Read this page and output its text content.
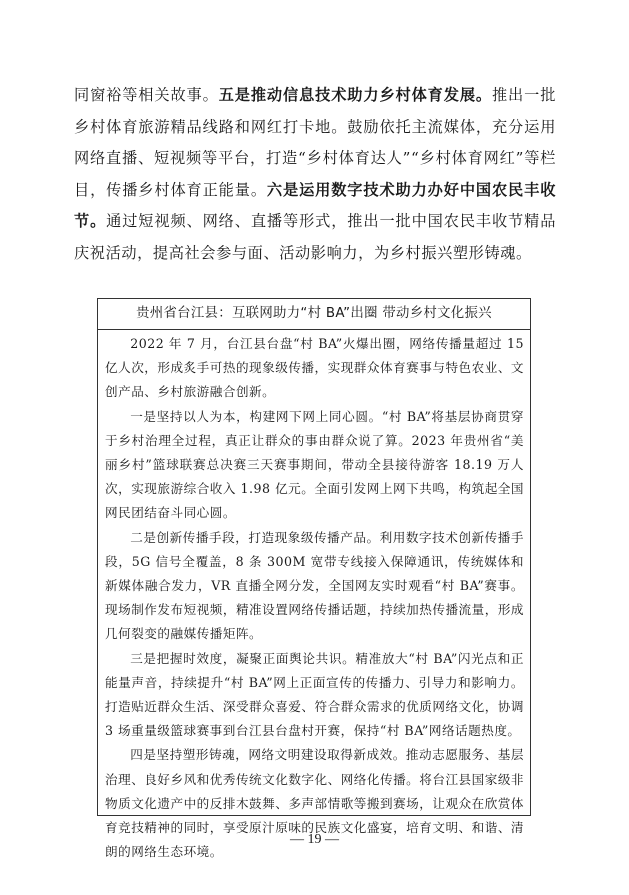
同窗裕等相关故事。五是推动信息技术助力乡村体育发展。推出一批乡村体育旅游精品线路和网红打卡地。鼓励依托主流媒体，充分运用网络直播、短视频等平台，打造“乡村体育达人”“乡村体育网红”等栏目，传播乡村体育正能量。六是运用数字技术助力办好中国农民丰收节。通过短视频、网络、直播等形式，推出一批中国农民丰收节精品庆祝活动，提高社会参与面、活动影响力，为乡村振兴塑形铸魂。
贵州省台江县：互联网助力“村 BA”出圈 带动乡村文化振兴

2022 年 7 月，台江县台盘“村 BA”火爆出圈，网络传播量超过 15 亿人次，形成炙手可热的现象级传播，实现群众体育赛事与特色农业、文创产品、乡村旅游融合创新。

一是坚持以人为本，构建网下网上同心圆。“村 BA”将基层协商贯穿于乡村治理全过程，真正让群众的事由群众说了算。2023 年贵州省“美丽乡村”篮球联赛总决赛三天赛事期间，带动全县接待游客 18.19 万人次，实现旅游综合收入 1.98 亿元。全面引发网上网下共鸣，构筑起全国网民团结奋斗同心圆。

二是创新传播手段，打造现象级传播产品。利用数字技术创新传播手段，5G 信号全覆盖，8 条 300M 宽带专线接入保障通讯，传统媒体和新媒体融合发力，VR 直播全网分发，全国网友实时观看“村 BA”赛事。现场制作发布短视频，精准设置网络传播话题，持续加热传播流量，形成几何裂变的融媒传播矩阵。

三是把握时效度，凝聚正面舆论共识。精准放大“村 BA”闪光点和正能量声音，持续提升“村 BA”网上正面宣传的传播力、引导力和影响力。打造贴近群众生活、深受群众喜爱、符合群众需求的优质网络文化，协调 3 场重量级篮球赛事到台江县台盘村开赛，保持“村 BA”网络话题热度。

四是坚持塑形铸魂，网络文明建设取得新成效。推动志愿服务、基层治理、良好乡风和优秀传统文化数字化、网络化传播。将台江县国家级非物质文化遗产中的反排木鼓舞、多声部情歌等搬到赛场，让观众在欣赏体育竞技精神的同时，享受原汁原味的民族文化盛宴，培育文明、和谐、清朗的网络生态环境。

— 19 —
